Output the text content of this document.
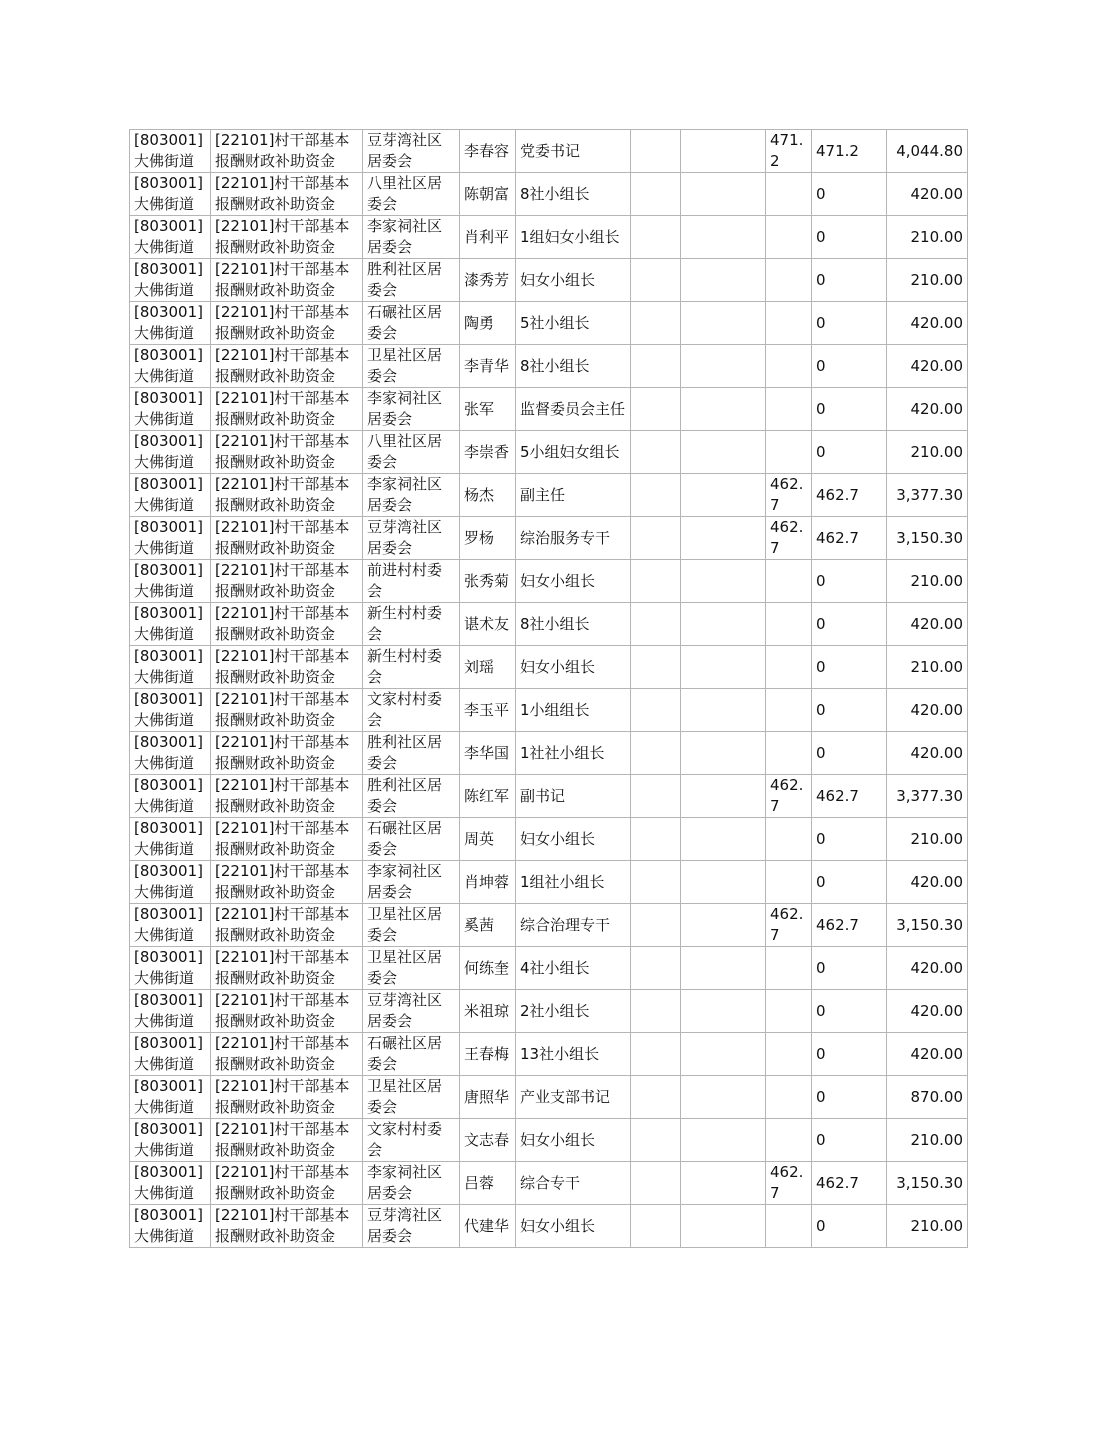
[803001]大佛街道	[22101]村干部基本报酬财政补助资金	豆芽湾社区居委会	李春容	党委书记			471.2	471.2	4,044.80
[803001]大佛街道	[22101]村干部基本报酬财政补助资金	八里社区居委会	陈朝富	8社小组长				0	420.00
[803001]大佛街道	[22101]村干部基本报酬财政补助资金	李家祠社区居委会	肖利平	1组妇女小组长				0	210.00
[803001]大佛街道	[22101]村干部基本报酬财政补助资金	胜利社区居委会	漆秀芳	妇女小组长				0	210.00
[803001]大佛街道	[22101]村干部基本报酬财政补助资金	石碾社区居委会	陶勇	5社小组长				0	420.00
[803001]大佛街道	[22101]村干部基本报酬财政补助资金	卫星社区居委会	李青华	8社小组长				0	420.00
[803001]大佛街道	[22101]村干部基本报酬财政补助资金	李家祠社区居委会	张军	监督委员会主任				0	420.00
[803001]大佛街道	[22101]村干部基本报酬财政补助资金	八里社区居委会	李崇香	5小组妇女组长				0	210.00
[803001]大佛街道	[22101]村干部基本报酬财政补助资金	李家祠社区居委会	杨杰	副主任			462.7	462.7	3,377.30
[803001]大佛街道	[22101]村干部基本报酬财政补助资金	豆芽湾社区居委会	罗杨	综治服务专干			462.7	462.7	3,150.30
[803001]大佛街道	[22101]村干部基本报酬财政补助资金	前进村村委会	张秀菊	妇女小组长				0	210.00
[803001]大佛街道	[22101]村干部基本报酬财政补助资金	新生村村委会	谌术友	8社小组长				0	420.00
[803001]大佛街道	[22101]村干部基本报酬财政补助资金	新生村村委会	刘瑶	妇女小组长				0	210.00
[803001]大佛街道	[22101]村干部基本报酬财政补助资金	文家村村委会	李玉平	1小组组长				0	420.00
[803001]大佛街道	[22101]村干部基本报酬财政补助资金	胜利社区居委会	李华国	1社社小组长				0	420.00
[803001]大佛街道	[22101]村干部基本报酬财政补助资金	胜利社区居委会	陈红军	副书记			462.7	462.7	3,377.30
[803001]大佛街道	[22101]村干部基本报酬财政补助资金	石碾社区居委会	周英	妇女小组长				0	210.00
[803001]大佛街道	[22101]村干部基本报酬财政补助资金	李家祠社区居委会	肖坤蓉	1组社小组长				0	420.00
[803001]大佛街道	[22101]村干部基本报酬财政补助资金	卫星社区居委会	奚茜	综合治理专干			462.7	462.7	3,150.30
[803001]大佛街道	[22101]村干部基本报酬财政补助资金	卫星社区居委会	何练奎	4社小组长				0	420.00
[803001]大佛街道	[22101]村干部基本报酬财政补助资金	豆芽湾社区居委会	米祖琼	2社小组长				0	420.00
[803001]大佛街道	[22101]村干部基本报酬财政补助资金	石碾社区居委会	王春梅	13社小组长				0	420.00
[803001]大佛街道	[22101]村干部基本报酬财政补助资金	卫星社区居委会	唐照华	产业支部书记				0	870.00
[803001]大佛街道	[22101]村干部基本报酬财政补助资金	文家村村委会	文志春	妇女小组长				0	210.00
[803001]大佛街道	[22101]村干部基本报酬财政补助资金	李家祠社区居委会	吕蓉	综合专干			462.7	462.7	3,150.30
[803001]大佛街道	[22101]村干部基本报酬财政补助资金	豆芽湾社区居委会	代建华	妇女小组长				0	210.00
